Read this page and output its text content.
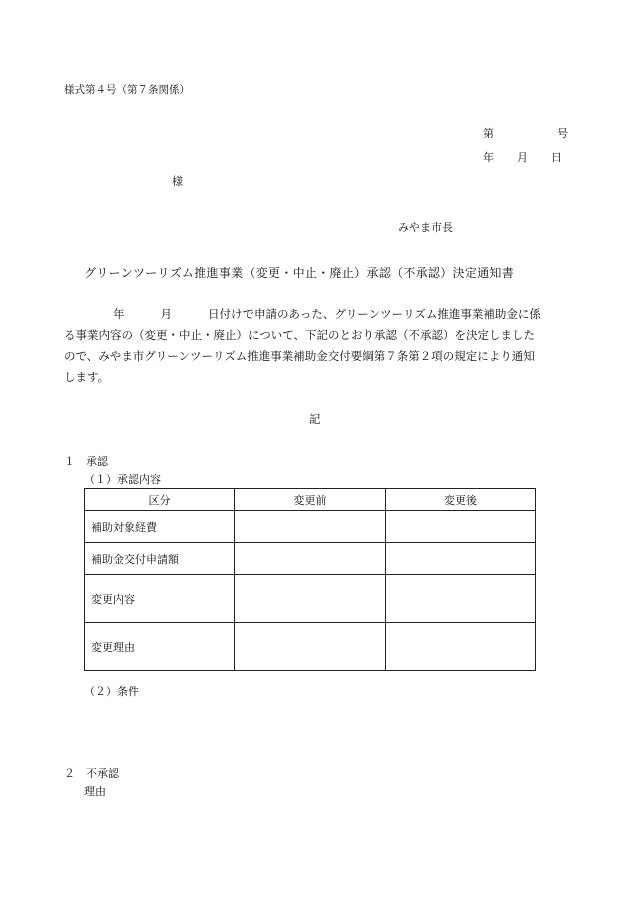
様式第４号（第７条関係）
第	号
年 月 日
様
みやま市長
グリーンツーリズム推進事業（変更・中止・廃止）承認（不承認）決定通知書
年	月	日付けで申請のあった、グリーンツーリズム推進事業補助金に係
る事業内容の（変更・中止・廃止）について、下記のとおり承認（不承認）を決定しました
ので、みやま市グリーンツーリズム推進事業補助金交付要綱第７条第２項の規定により通知
します。
記
１　承認
（１）承認内容
区分	変更前	変更後
補助対象経費		
補助金交付申請額		
変更内容		
変更理由		
（２）条件
２　不承認
理由
